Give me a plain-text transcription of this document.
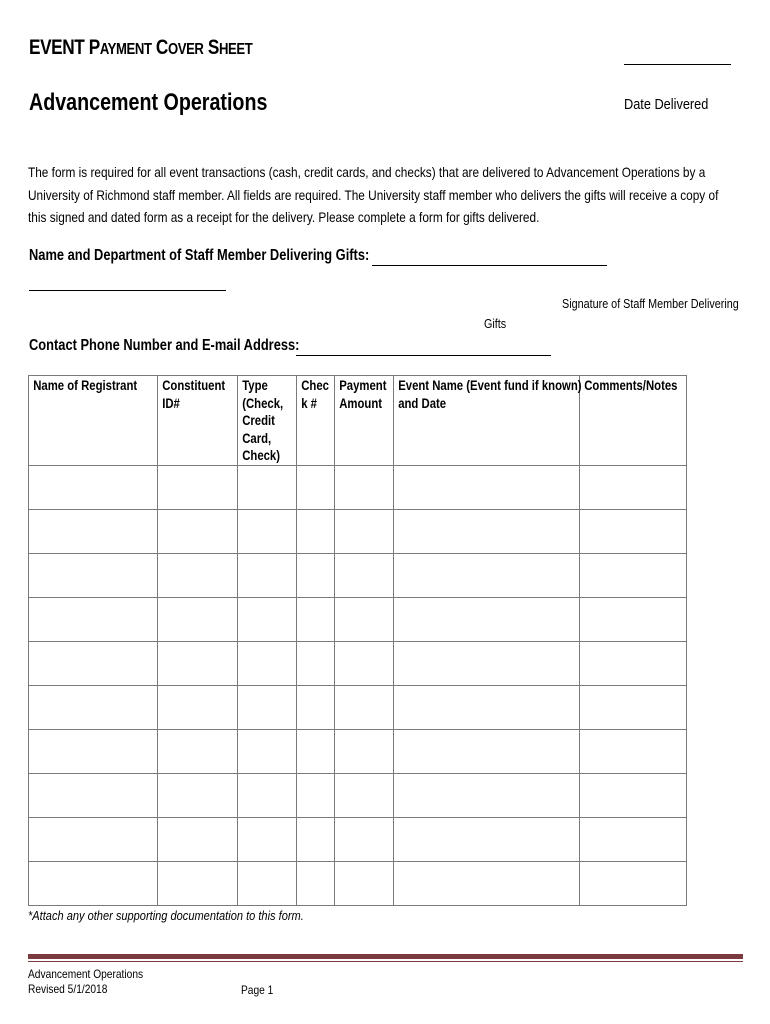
EVENT PAYMENT COVER SHEET
Advancement Operations	Date Delivered
The form is required for all event transactions (cash, credit cards, and checks) that are delivered to Advancement Operations by a University of Richmond staff member. All fields are required. The University staff member who delivers the gifts will receive a copy of this signed and dated form as a receipt for the delivery. Please complete a form for gifts delivered.
Name and Department of Staff Member Delivering Gifts:
Signature of Staff Member Delivering
Gifts
Contact Phone Number and E-mail Address:
Name of Registrant	Constituent ID#	Type (Check, Credit Card, Check)	Chec k #	Payment Amount	Event Name (Event fund if known) and Date	Comments/Notes

*Attach any other supporting documentation to this form.
Advancement Operations
Revised 5/1/2018	Page 1
